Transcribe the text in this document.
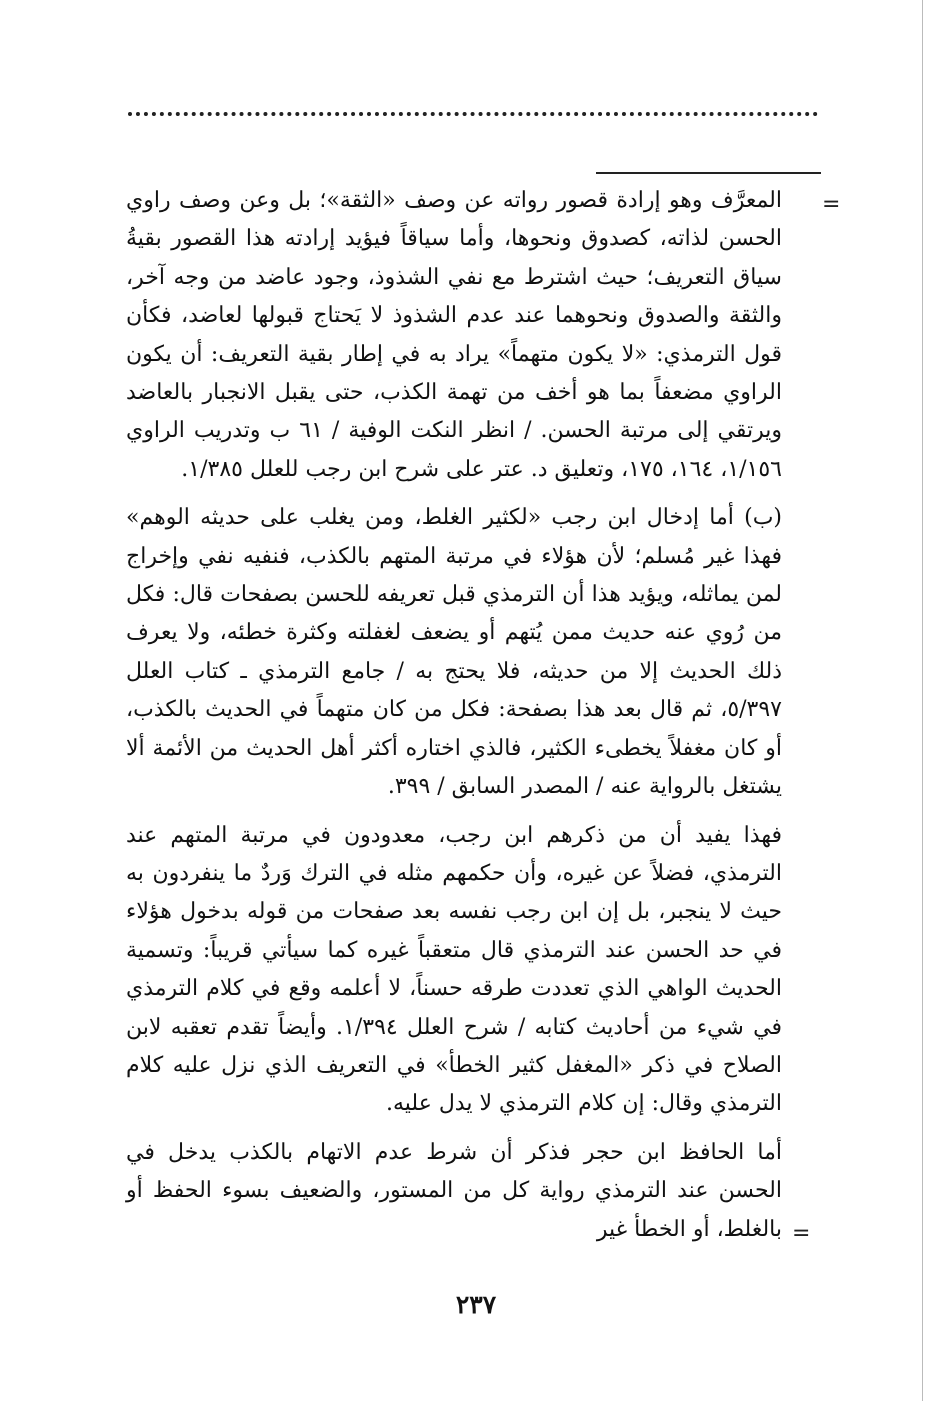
=
=

المعرَّف وهو إرادة قصور رواته عن وصف «الثقة»؛ بل وعن وصف راوي الحسن لذاته، كصدوق ونحوها، وأما سياقاً فيؤيد إرادته هذا القصور بقيةُ سياق التعريف؛ حيث اشترط مع نفي الشذوذ، وجود عاضد من وجه آخر، والثقة والصدوق ونحوهما عند عدم الشذوذ لا يَحتاج قبولها لعاضد، فكأن قول الترمذي: «لا يكون متهماً» يراد به في إطار بقية التعريف: أن يكون الراوي مضعفاً بما هو أخف من تهمة الكذب، حتى يقبل الانجبار بالعاضد ويرتقي إلى مرتبة الحسن. / انظر النكت الوفية / ٦١ ب وتدريب الراوي ١/١٥٦، ١٦٤، ١٧٥، وتعليق د. عتر على شرح ابن رجب للعلل ١/٣٨٥.

(ب) أما إدخال ابن رجب «لكثير الغلط، ومن يغلب على حديثه الوهم» فهذا غير مُسلم؛ لأن هؤلاء في مرتبة المتهم بالكذب، فنفيه نفي وإخراج لمن يماثله، ويؤيد هذا أن الترمذي قبل تعريفه للحسن بصفحات قال: فكل من رُوي عنه حديث ممن يُتهم أو يضعف لغفلته وكثرة خطئه، ولا يعرف ذلك الحديث إلا من حديثه، فلا يحتج به / جامع الترمذي ـ كتاب العلل ٥/٣٩٧، ثم قال بعد هذا بصفحة: فكل من كان متهماً في الحديث بالكذب، أو كان مغفلاً يخطىء الكثير، فالذي اختاره أكثر أهل الحديث من الأئمة ألا يشتغل بالرواية عنه / المصدر السابق / ٣٩٩.

فهذا يفيد أن من ذكرهم ابن رجب، معدودون في مرتبة المتهم عند الترمذي، فضلاً عن غيره، وأن حكمهم مثله في الترك وَردٌ ما ينفردون به حيث لا ينجبر، بل إن ابن رجب نفسه بعد صفحات من قوله بدخول هؤلاء في حد الحسن عند الترمذي قال متعقباً غيره كما سيأتي قريباً: وتسمية الحديث الواهي الذي تعددت طرقه حسناً، لا أعلمه وقع في كلام الترمذي في شيء من أحاديث كتابه / شرح العلل ١/٣٩٤. وأيضاً تقدم تعقبه لابن الصلاح في ذكر «المغفل كثير الخطأ» في التعريف الذي نزل عليه كلام الترمذي وقال: إن كلام الترمذي لا يدل عليه.

أما الحافظ ابن حجر فذكر أن شرط عدم الاتهام بالكذب يدخل في الحسن عند الترمذي رواية كل من المستور، والضعيف بسوء الحفظ أو بالغلط، أو الخطأ غير

٢٣٧
